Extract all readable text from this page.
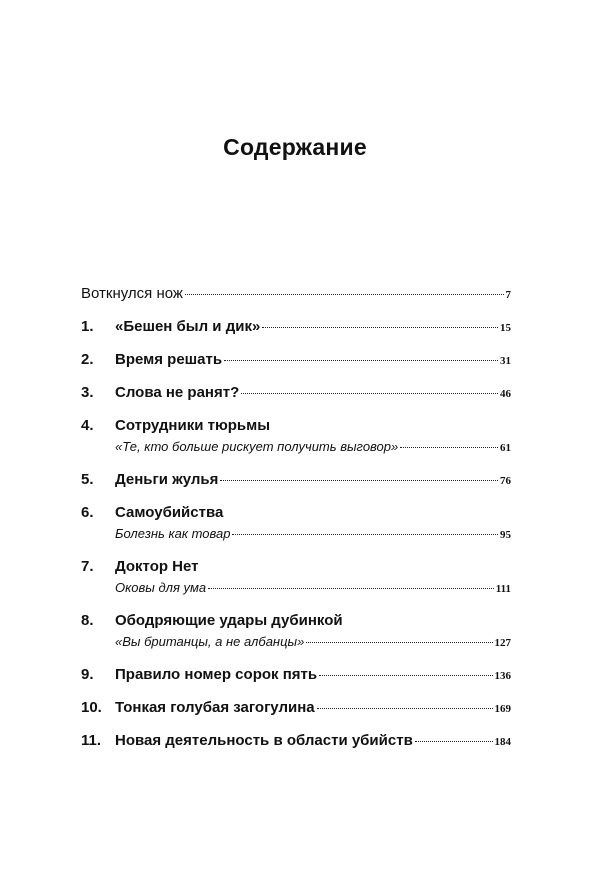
Содержание
Воткнулся нож	7
1.	«Бешен был и дик»	15
2.	Время решать	31
3.	Слова не ранят?	46
4.	Сотрудники тюрьмы
«Те, кто больше рискует получить выговор»	61
5.	Деньги жулья	76
6.	Самоубийства
Болезнь как товар	95
7.	Доктор Нет
Оковы для ума	111
8.	Ободряющие удары дубинкой
«Вы британцы, а не албанцы»	127
9.	Правило номер сорок пять	136
10. Тонкая голубая загогулина	169
11. Новая деятельность в области убийств	184
